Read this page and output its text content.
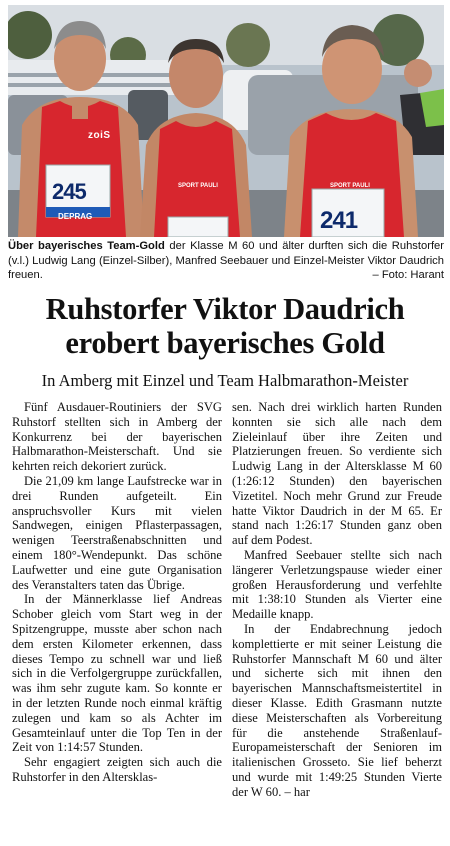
zoiS
SPORT PAULI	SPORT PAULI
245
DEPRAG	241
Über bayerisches Team-Gold der Klasse M 60 und älter durften sich die Ruhstorfer (v.l.) Ludwig Lang (Einzel-Silber), Manfred Seebauer und Einzel-Meister Viktor Daudrich freuen.	– Foto: Harant
Ruhstorfer Viktor Daudrich
erobert bayerisches Gold
In Amberg mit Einzel und Team Halbmarathon-Meister

Fünf Ausdauer-Routiniers der SVG Ruhstorf stellten sich in Amberg der Konkurrenz bei der bayerischen Halbmarathon-Meisterschaft. Und sie kehrten reich dekoriert zurück.

Die 21,09 km lange Laufstrecke war in drei Runden aufgeteilt. Ein anspruchsvoller Kurs mit vielen Sandwegen, einigen Pflasterpassagen, wenigen Teerstraßenabschnitten und einem 180°-Wendepunkt. Das schöne Laufwetter und eine gute Organisation des Veranstalters taten das Übrige.

In der Männerklasse lief Andreas Schober gleich vom Start weg in der Spitzengruppe, musste aber schon nach dem ersten Kilometer erkennen, dass dieses Tempo zu schnell war und ließ sich in die Verfolgergruppe zurückfallen, was ihm sehr zugute kam. So konnte er in der letzten Runde noch einmal kräftig zulegen und kam so als Achter im Gesamteinlauf unter die Top Ten in der Zeit von 1:14:57 Stunden.

Sehr engagiert zeigten sich auch die Ruhstorfer in den Altersklas-

sen. Nach drei wirklich harten Runden konnten sie sich alle nach dem Zieleinlauf über ihre Zeiten und Platzierungen freuen. So verdiente sich Ludwig Lang in der Altersklasse M 60 (1:26:12 Stunden) den bayerischen Vizetitel. Noch mehr Grund zur Freude hatte Viktor Daudrich in der M 65. Er stand nach 1:26:17 Stunden ganz oben auf dem Podest.

Manfred Seebauer stellte sich nach längerer Verletzungspause wieder einer großen Herausforderung und verfehlte mit 1:38:10 Stunden als Vierter eine Medaille knapp.

In der Endabrechnung jedoch komplettierte er mit seiner Leistung die Ruhstorfer Mannschaft M 60 und älter und sicherte sich mit ihnen den bayerischen Mannschaftsmeistertitel in dieser Klasse. Edith Grasmann nutzte diese Meisterschaften als Vorbereitung für die anstehende Straßenlauf-Europameisterschaft der Senioren im italienischen Grosseto. Sie lief beherzt und wurde mit 1:49:25 Stunden Vierte der W 60. – har
